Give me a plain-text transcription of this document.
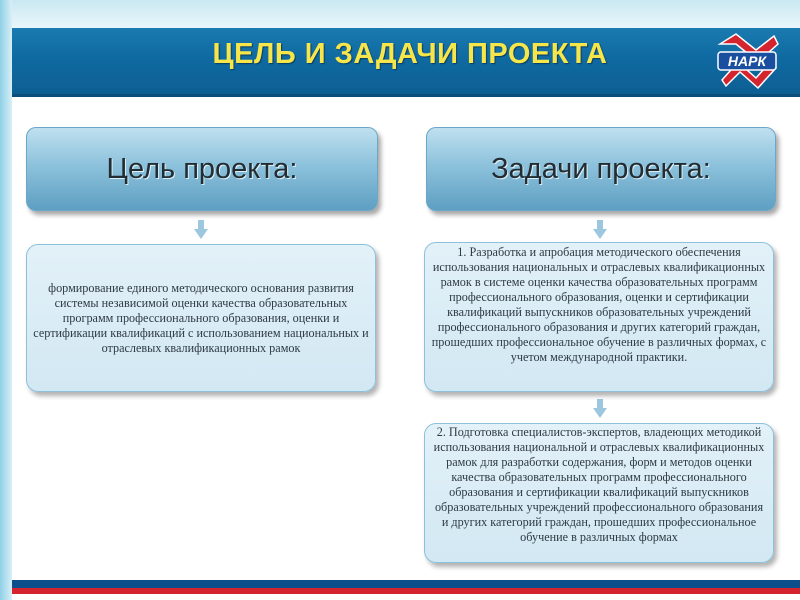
ЦЕЛЬ И ЗАДАЧИ ПРОЕКТА	НАРК
Цель проекта:	Задачи проекта:
формирование единого методического основания развития системы независимой оценки качества образовательных программ профессионального образования, оценки и сертификации квалификаций с использованием национальных и отраслевых квалификационных рамок
1. Разработка и апробация методического обеспечения использования национальных и отраслевых квалификационных рамок в системе оценки качества образовательных программ профессионального образования, оценки и сертификации квалификаций выпускников образовательных учреждений профессионального образования и других категорий граждан, прошедших профессиональное обучение в различных формах, с учетом международной практики.
2. Подготовка специалистов-экспертов, владеющих методикой использования национальной и отраслевых квалификационных рамок для разработки содержания, форм и методов оценки качества образовательных программ профессионального образования и сертификации квалификаций выпускников образовательных учреждений профессионального образования и других категорий граждан, прошедших профессиональное обучение в различных формах
